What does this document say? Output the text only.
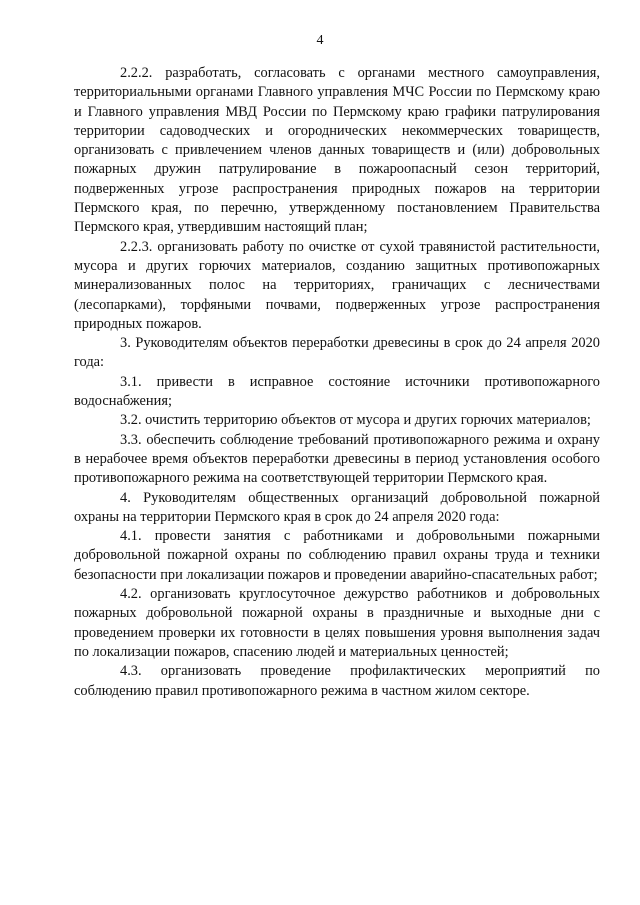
4

2.2.2. разработать, согласовать с органами местного самоуправления, территориальными органами Главного управления МЧС России по Пермскому краю и Главного управления МВД России по Пермскому краю графики патрулирования территории садоводческих и огороднических некоммерческих товариществ, организовать с привлечением членов данных товариществ и (или) добровольных пожарных дружин патрулирование в пожароопасный сезон территорий, подверженных угрозе распространения природных пожаров на территории Пермского края, по перечню, утвержденному постановлением Правительства Пермского края, утвердившим настоящий план;

2.2.3. организовать работу по очистке от сухой травянистой растительности, мусора и других горючих материалов, созданию защитных противопожарных минерализованных полос на территориях, граничащих с лесничествами (лесопарками), торфяными почвами, подверженных угрозе распространения природных пожаров.

3. Руководителям объектов переработки древесины в срок до 24 апреля 2020 года:

3.1. привести в исправное состояние источники противопожарного водоснабжения;

3.2. очистить территорию объектов от мусора и других горючих материалов;

3.3. обеспечить соблюдение требований противопожарного режима и охрану в нерабочее время объектов переработки древесины в период установления особого противопожарного режима на соответствующей территории Пермского края.

4. Руководителям общественных организаций добровольной пожарной охраны на территории Пермского края в срок до 24 апреля 2020 года:

4.1. провести занятия с работниками и добровольными пожарными добровольной пожарной охраны по соблюдению правил охраны труда и техники безопасности при локализации пожаров и проведении аварийно-спасательных работ;

4.2. организовать круглосуточное дежурство работников и добровольных пожарных добровольной пожарной охраны в праздничные и выходные дни с проведением проверки их готовности в целях повышения уровня выполнения задач по локализации пожаров, спасению людей и материальных ценностей;

4.3. организовать проведение профилактических мероприятий по соблюдению правил противопожарного режима в частном жилом секторе.
